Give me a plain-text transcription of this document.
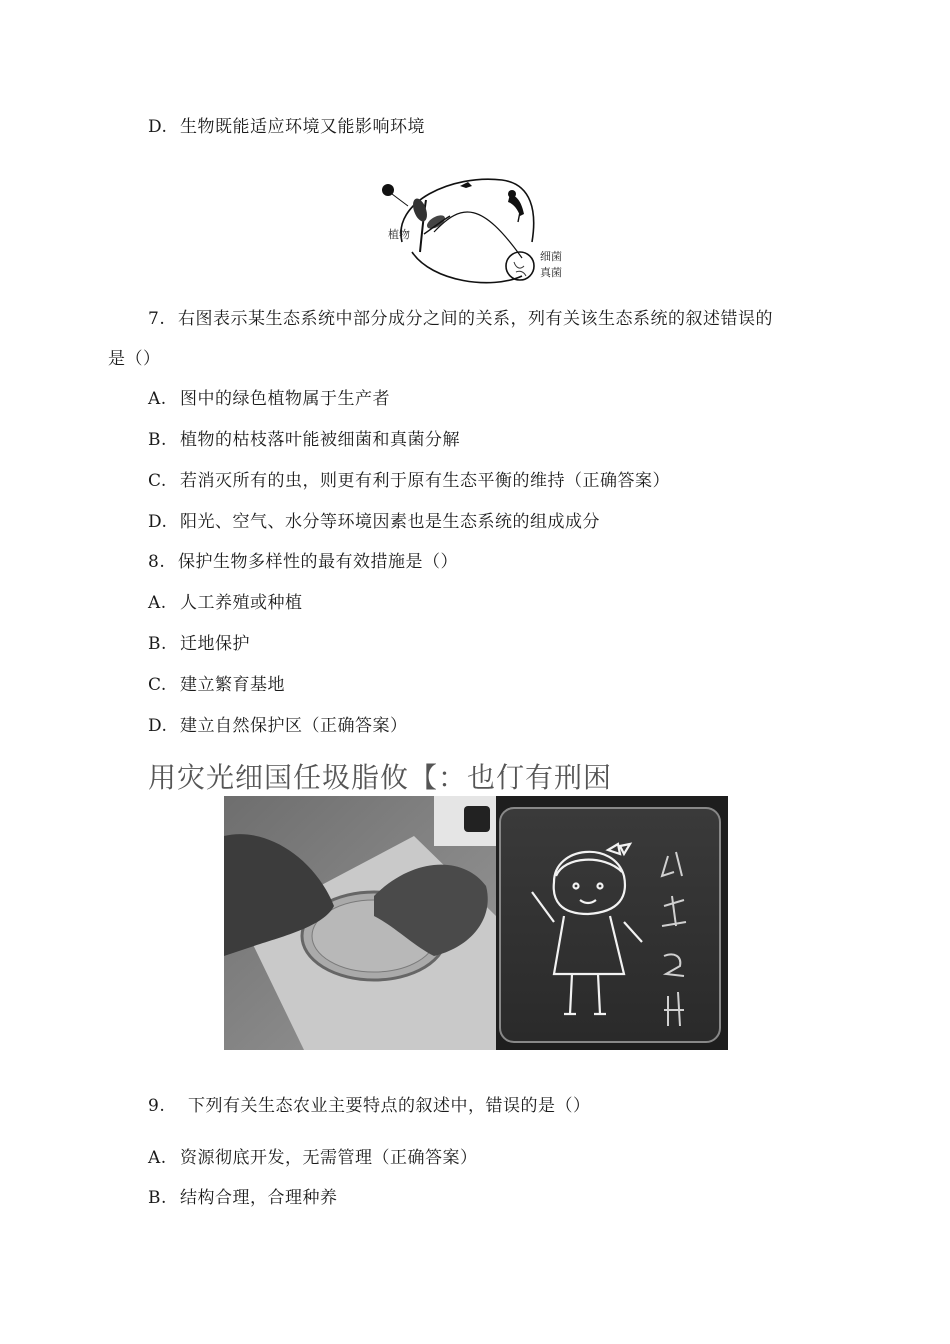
D. 生物既能适应环境又能影响环境
植物
细菌
真菌
7. 右图表示某生态系统中部分成分之间的关系，列有关该生态系统的叙述错误的
是（）
A. 图中的绿色植物属于生产者
B. 植物的枯枝落叶能被细菌和真菌分解
C. 若消灭所有的虫，则更有利于原有生态平衡的维持（正确答案）
D. 阳光、空气、水分等环境因素也是生态系统的组成成分
8. 保护生物多样性的最有效措施是（）
A. 人工养殖或种植
B. 迁地保护
C. 建立繁育基地
D. 建立自然保护区（正确答案）
用灾光细国任圾脂攸【：也仃有刑困
9. 下列有关生态农业主要特点的叙述中，错误的是（）
A. 资源彻底开发，无需管理（正确答案）
B. 结构合理，合理种养
